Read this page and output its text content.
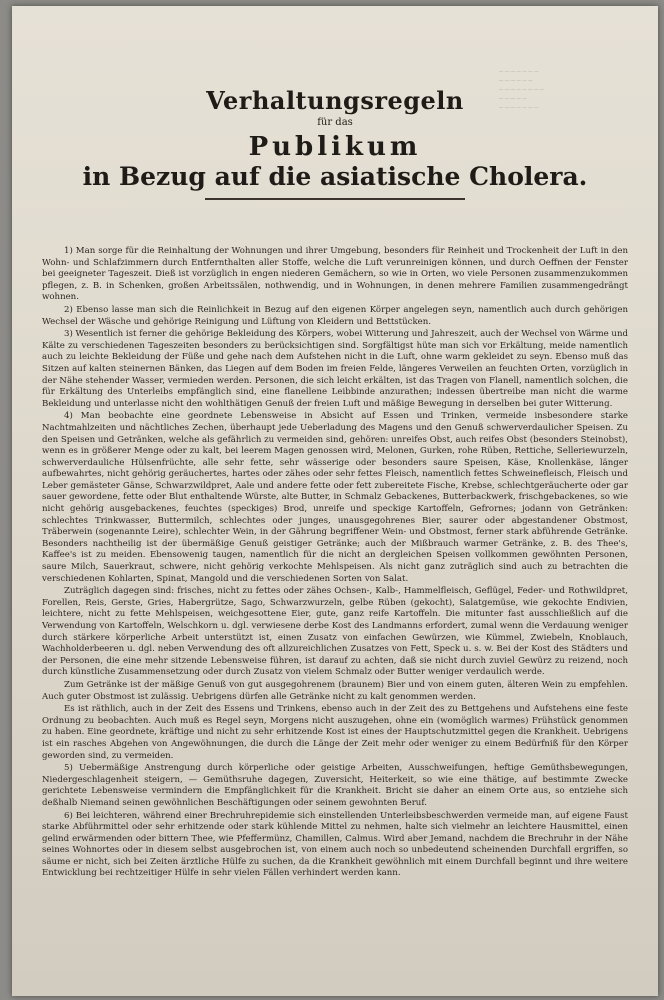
~~~~~~~
~~~~~~
~~~~~~~~
~~~~~
~~~~~~~
Verhaltungsregeln
für das
Publikum
in Bezug auf die asiatische Cholera.

1) Man sorge für die Reinhaltung der Wohnungen und ihrer Umgebung, besonders für Reinheit und Trockenheit der Luft in den Wohn- und Schlafzimmern durch Entfernthalten aller Stoffe, welche die Luft verunreinigen können, und durch Oeffnen der Fenster bei geeigneter Tageszeit. Dieß ist vorzüglich in engen niederen Gemächern, so wie in Orten, wo viele Personen zusammenzukommen pflegen, z. B. in Schenken, großen Arbeitssälen, nothwendig, und in Wohnungen, in denen mehrere Familien zusammengedrängt wohnen.

2) Ebenso lasse man sich die Reinlichkeit in Bezug auf den eigenen Körper angelegen seyn, namentlich auch durch gehörigen Wechsel der Wäsche und gehörige Reinigung und Lüftung von Kleidern und Bettstücken.

3) Wesentlich ist ferner die gehörige Bekleidung des Körpers, wobei Witterung und Jahreszeit, auch der Wechsel von Wärme und Kälte zu verschiedenen Tageszeiten besonders zu berücksichtigen sind. Sorgfältigst hüte man sich vor Erkältung, meide namentlich auch zu leichte Bekleidung der Füße und gehe nach dem Aufstehen nicht in die Luft, ohne warm gekleidet zu seyn. Ebenso muß das Sitzen auf kalten steinernen Bänken, das Liegen auf dem Boden im freien Felde, längeres Verweilen an feuchten Orten, vorzüglich in der Nähe stehender Wasser, vermieden werden. Personen, die sich leicht erkälten, ist das Tragen von Flanell, namentlich solchen, die für Erkältung des Unterleibs empfänglich sind, eine flanellene Leibbinde anzurathen; indessen übertreibe man nicht die warme Bekleidung und unterlasse nicht den wohlthätigen Genuß der freien Luft und mäßige Bewegung in derselben bei guter Witterung.

4) Man beobachte eine geordnete Lebensweise in Absicht auf Essen und Trinken, vermeide insbesondere starke Nachtmahlzeiten und nächtliches Zechen, überhaupt jede Ueberladung des Magens und den Genuß schwerverdaulicher Speisen. Zu den Speisen und Getränken, welche als gefährlich zu vermeiden sind, gehören: unreifes Obst, auch reifes Obst (besonders Steinobst), wenn es in größerer Menge oder zu kalt, bei leerem Magen genossen wird, Melonen, Gurken, rohe Rüben, Rettiche, Selleriewurzeln, schwerverdauliche Hülsenfrüchte, alle sehr fette, sehr wässerige oder besonders saure Speisen, Käse, Knollenkäse, länger aufbewahrtes, nicht gehörig geräuchertes, hartes oder zähes oder sehr fettes Fleisch, namentlich fettes Schweinefleisch, Fleisch und Leber gemästeter Gänse, Schwarzwildpret, Aale und andere fette oder fett zubereitete Fische, Krebse, schlechtgeräucherte oder gar sauer gewordene, fette oder Blut enthaltende Würste, alte Butter, in Schmalz Gebackenes, Butterbackwerk, frischgebackenes, so wie nicht gehörig ausgebackenes, feuchtes (speckiges) Brod, unreife und speckige Kartoffeln, Gefrornes; jodann von Getränken: schlechtes Trinkwasser, Buttermilch, schlechtes oder junges, unausgegohrenes Bier, saurer oder abgestandener Obstmost, Träberwein (sogenannte Leire), schlechter Wein, in der Gährung begriffener Wein- und Obstmost, ferner stark abführende Getränke. Besonders nachtheilig ist der übermäßige Genuß geistiger Getränke; auch der Mißbrauch warmer Getränke, z. B. des Thee's, Kaffee's ist zu meiden. Ebensowenig taugen, namentlich für die nicht an dergleichen Speisen vollkommen gewöhnten Personen, saure Milch, Sauerkraut, schwere, nicht gehörig verkochte Mehlspeisen. Als nicht ganz zuträglich sind auch zu betrachten die verschiedenen Kohlarten, Spinat, Mangold und die verschiedenen Sorten von Salat.

Zuträglich dagegen sind: frisches, nicht zu fettes oder zähes Ochsen-, Kalb-, Hammelfleisch, Geflügel, Feder- und Rothwildpret, Forellen, Reis, Gerste, Gries, Habergrütze, Sago, Schwarzwurzeln, gelbe Rüben (gekocht), Salatgemüse, wie gekochte Endivien, leichtere, nicht zu fette Mehlspeisen, weichgesottene Eier, gute, ganz reife Kartoffeln. Die mitunter fast ausschließlich auf die Verwendung von Kartoffeln, Welschkorn u. dgl. verwiesene derbe Kost des Landmanns erfordert, zumal wenn die Verdauung weniger durch stärkere körperliche Arbeit unterstützt ist, einen Zusatz von einfachen Gewürzen, wie Kümmel, Zwiebeln, Knoblauch, Wachholderbeeren u. dgl. neben Verwendung des oft allzureichlichen Zusatzes von Fett, Speck u. s. w. Bei der Kost des Städters und der Personen, die eine mehr sitzende Lebensweise führen, ist darauf zu achten, daß sie nicht durch zuviel Gewürz zu reizend, noch durch künstliche Zusammensetzung oder durch Zusatz von vielem Schmalz oder Butter weniger verdaulich werde.

Zum Getränke ist der mäßige Genuß von gut ausgegohrenem (braunem) Bier und von einem guten, älteren Wein zu empfehlen. Auch guter Obstmost ist zulässig. Uebrigens dürfen alle Getränke nicht zu kalt genommen werden.

Es ist räthlich, auch in der Zeit des Essens und Trinkens, ebenso auch in der Zeit des zu Bettgehens und Aufstehens eine feste Ordnung zu beobachten. Auch muß es Regel seyn, Morgens nicht auszugehen, ohne ein (womöglich warmes) Frühstück genommen zu haben. Eine geordnete, kräftige und nicht zu sehr erhitzende Kost ist eines der Hauptschutzmittel gegen die Krankheit. Uebrigens ist ein rasches Abgehen von Angewöhnungen, die durch die Länge der Zeit mehr oder weniger zu einem Bedürfniß für den Körper geworden sind, zu vermeiden.

5) Uebermäßige Anstrengung durch körperliche oder geistige Arbeiten, Ausschweifungen, heftige Gemüthsbewegungen, Niedergeschlagenheit steigern, — Gemüthsruhe dagegen, Zuversicht, Heiterkeit, so wie eine thätige, auf bestimmte Zwecke gerichtete Lebensweise vermindern die Empfänglichkeit für die Krankheit. Bricht sie daher an einem Orte aus, so entziehe sich deßhalb Niemand seinen gewöhnlichen Beschäftigungen oder seinem gewohnten Beruf.

6) Bei leichteren, während einer Brechruhrepidemie sich einstellenden Unterleibsbeschwerden vermeide man, auf eigene Faust starke Abführmittel oder sehr erhitzende oder stark kühlende Mittel zu nehmen, halte sich vielmehr an leichtere Hausmittel, einen gelind erwärmenden oder bittern Thee, wie Pfeffermünz, Chamillen, Calmus. Wird aber Jemand, nachdem die Brechruhr in der Nähe seines Wohnortes oder in diesem selbst ausgebrochen ist, von einem auch noch so unbedeutend scheinenden Durchfall ergriffen, so säume er nicht, sich bei Zeiten ärztliche Hülfe zu suchen, da die Krankheit gewöhnlich mit einem Durchfall beginnt und ihre weitere Entwicklung bei rechtzeitiger Hülfe in sehr vielen Fällen verhindert werden kann.
